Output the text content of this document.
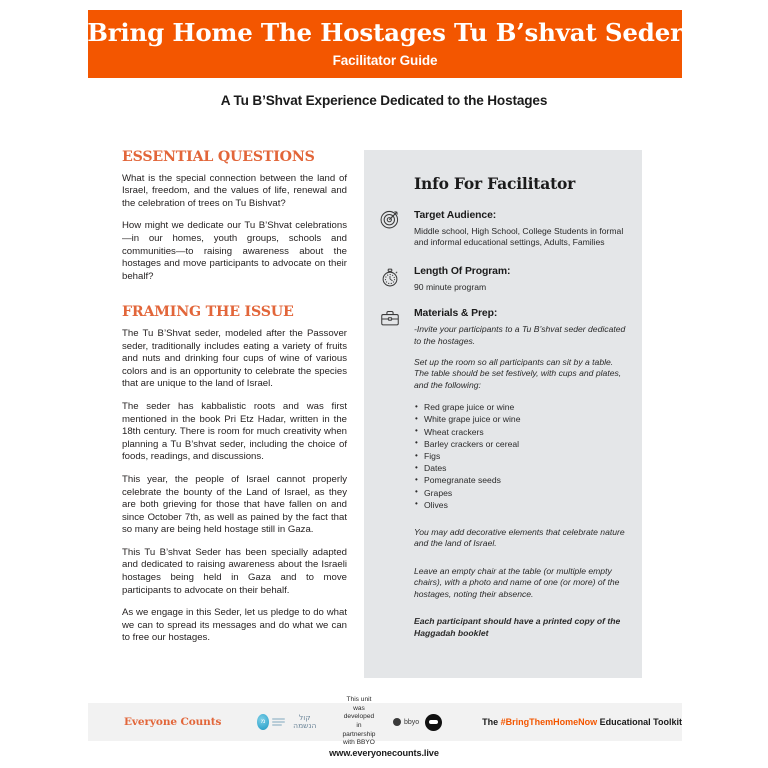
Bring Home The Hostages Tu B’shvat Seder
Facilitator Guide
A Tu B’Shvat Experience Dedicated to the Hostages
ESSENTIAL QUESTIONS

What is the special connection between the land of Israel, freedom, and the values of life, renewal and the celebration of trees on Tu Bishvat?

How might we dedicate our Tu B’Shvat celebrations—in our homes, youth groups, schools and communities—to raising awareness about the hostages and move participants to advocate on their behalf?

FRAMING THE ISSUE

The Tu B’Shvat seder, modeled after the Passover seder, traditionally includes eating a variety of fruits and nuts and drinking four cups of wine of various colors and is an opportunity to celebrate the species that are unique to the land of Israel.

The seder has kabbalistic roots and was first mentioned in the book Pri Etz Hadar, written in the 18th century. There is room for much creativity when planning a Tu B’shvat seder, including the choice of foods, readings, and discussions.

This year, the people of Israel cannot properly celebrate the bounty of the Land of Israel, as they are both grieving for those that have fallen on and since October 7th, as well as pained by the fact that so many are being held hostage still in Gaza.

This Tu B’shvat Seder has been specially adapted and dedicated to raising awareness about the Israeli hostages being held in Gaza and to move participants to advocate on their behalf.

As we engage in this Seder, let us pledge to do what we can to spread its messages and do what we can to free our hostages.

Info For Facilitator
Target Audience:
Middle school, High School, College Students in formal and informal educational settings, Adults, Families
Length Of Program:
90 minute program
Materials & Prep:

-Invite your participants to a Tu B’shvat seder dedicated to the hostages.

Set up the room so all participants can sit by a table. The table should be set festively, with cups and plates, and the following:

• Red grape juice or wine
• White grape juice or wine
• Wheat crackers
• Barley crackers or cereal
• Figs
• Dates
• Pomegranate seeds
• Grapes
• Olives

You may add decorative elements that celebrate nature and the land of Israel.

Leave an empty chair at the table (or multiple empty chairs), with a photo and name of one (or more) of the hostages, noting their absence.

Each participant should have a printed copy of the Haggadah booklet

Everyone Counts	מ	קול הנשמה
This unit was developed in partnership with BBYO
bbyo	The #BringThemHomeNow Educational Toolkit
www.everyonecounts.live
